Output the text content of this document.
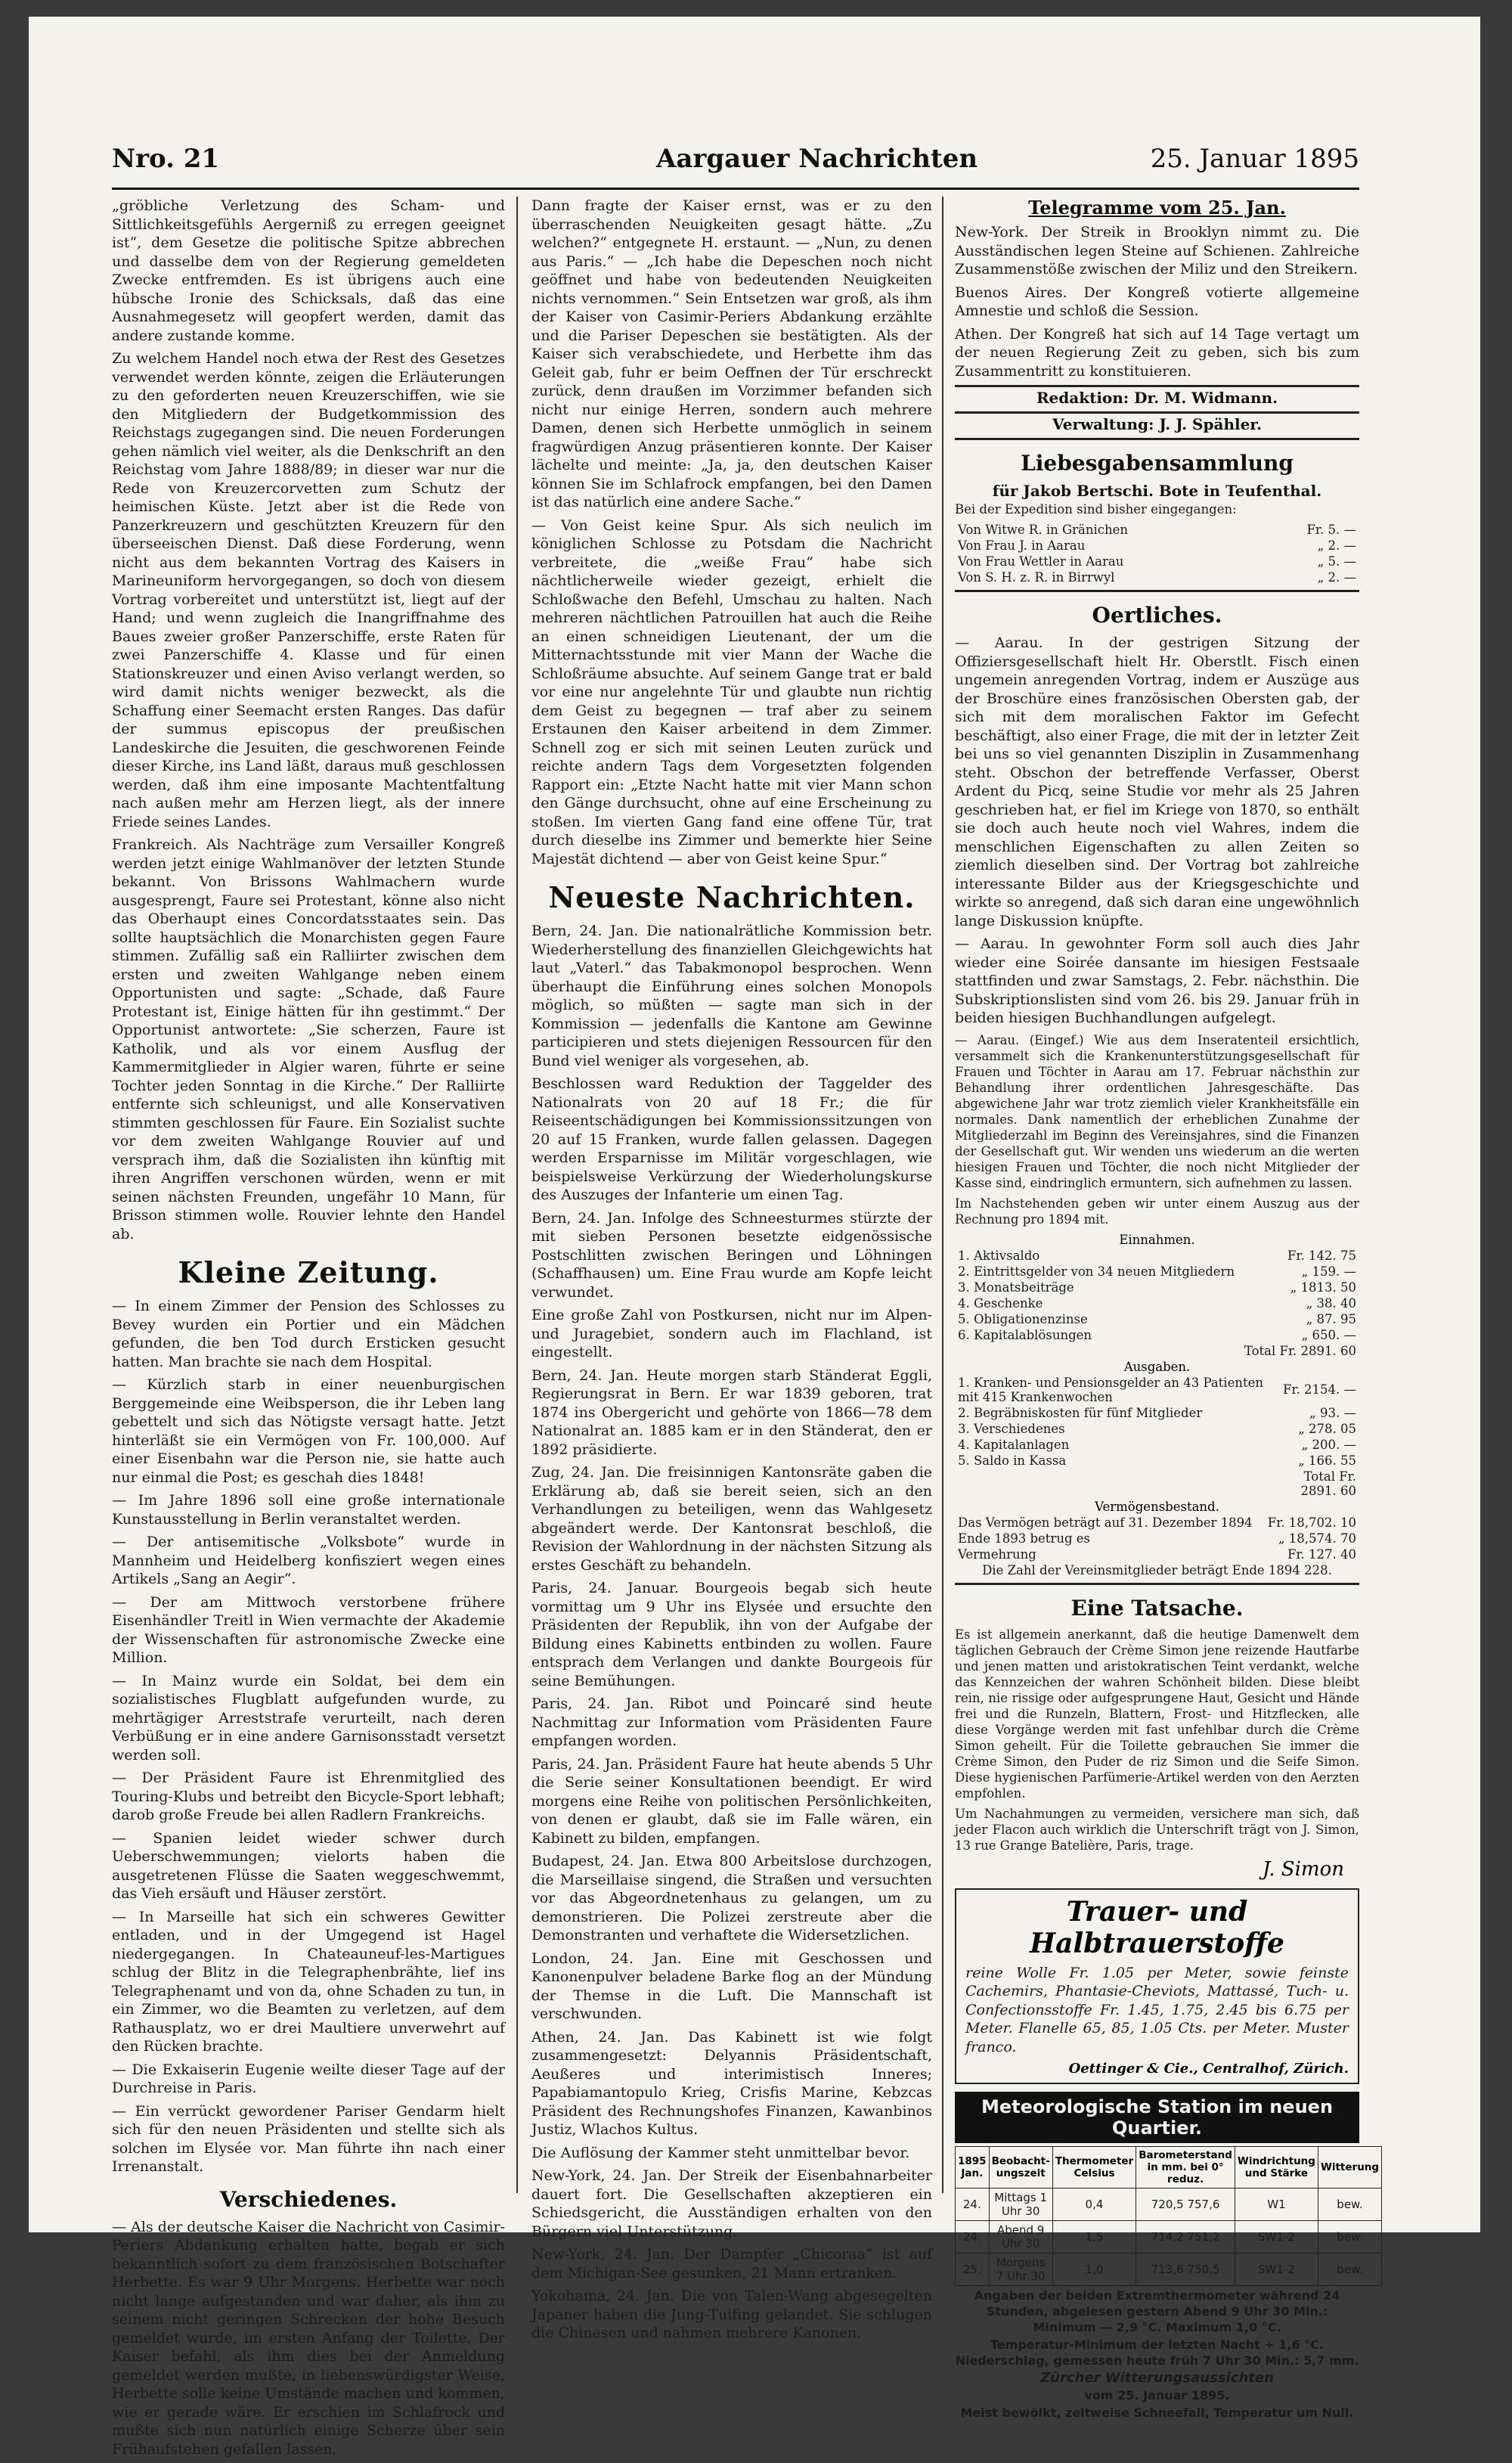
Nro. 21	Aargauer Nachrichten	25. Januar 1895

„gröbliche Verletzung des Scham- und Sittlichkeitsgefühls Aergerniß zu erregen geeignet ist“, dem Gesetze die politische Spitze abbrechen und dasselbe dem von der Regierung gemeldeten Zwecke entfremden. Es ist übrigens auch eine hübsche Ironie des Schicksals, daß das eine Ausnahmegesetz will geopfert werden, damit das andere zustande komme.

Zu welchem Handel noch etwa der Rest des Gesetzes verwendet werden könnte, zeigen die Erläuterungen zu den geforderten neuen Kreuzerschiffen, wie sie den Mitgliedern der Budgetkommission des Reichstags zugegangen sind. Die neuen Forderungen gehen nämlich viel weiter, als die Denkschrift an den Reichstag vom Jahre 1888/89; in dieser war nur die Rede von Kreuzercorvetten zum Schutz der heimischen Küste. Jetzt aber ist die Rede von Panzerkreuzern und geschützten Kreuzern für den überseeischen Dienst. Daß diese Forderung, wenn nicht aus dem bekannten Vortrag des Kaisers in Marineuniform hervorgegangen, so doch von diesem Vortrag vorbereitet und unterstützt ist, liegt auf der Hand; und wenn zugleich die Inangriffnahme des Baues zweier großer Panzerschiffe, erste Raten für zwei Panzerschiffe 4. Klasse und für einen Stationskreuzer und einen Aviso verlangt werden, so wird damit nichts weniger bezweckt, als die Schaffung einer Seemacht ersten Ranges. Das dafür der summus episcopus der preußischen Landeskirche die Jesuiten, die geschworenen Feinde dieser Kirche, ins Land läßt, daraus muß geschlossen werden, daß ihm eine imposante Machtentfaltung nach außen mehr am Herzen liegt, als der innere Friede seines Landes.

Frankreich. Als Nachträge zum Versailler Kongreß werden jetzt einige Wahlmanöver der letzten Stunde bekannt. Von Brissons Wahlmachern wurde ausgesprengt, Faure sei Protestant, könne also nicht das Oberhaupt eines Concordatsstaates sein. Das sollte hauptsächlich die Monarchisten gegen Faure stimmen. Zufällig saß ein Ralliirter zwischen dem ersten und zweiten Wahlgange neben einem Opportunisten und sagte: „Schade, daß Faure Protestant ist, Einige hätten für ihn gestimmt.“ Der Opportunist antwortete: „Sie scherzen, Faure ist Katholik, und als vor einem Ausflug der Kammermitglieder in Algier waren, führte er seine Tochter jeden Sonntag in die Kirche.“ Der Ralliirte entfernte sich schleunigst, und alle Konservativen stimmten geschlossen für Faure. Ein Sozialist suchte vor dem zweiten Wahlgange Rouvier auf und versprach ihm, daß die Sozialisten ihn künftig mit ihren Angriffen verschonen würden, wenn er mit seinen nächsten Freunden, ungefähr 10 Mann, für Brisson stimmen wolle. Rouvier lehnte den Handel ab.

Kleine Zeitung.

— In einem Zimmer der Pension des Schlosses zu Bevey wurden ein Portier und ein Mädchen gefunden, die ben Tod durch Ersticken gesucht hatten. Man brachte sie nach dem Hospital.

— Kürzlich starb in einer neuenburgischen Berggemeinde eine Weibsperson, die ihr Leben lang gebettelt und sich das Nötigste versagt hatte. Jetzt hinterläßt sie ein Vermögen von Fr. 100,000. Auf einer Eisenbahn war die Person nie, sie hatte auch nur einmal die Post; es geschah dies 1848!

— Im Jahre 1896 soll eine große internationale Kunstausstellung in Berlin veranstaltet werden.

— Der antisemitische „Volksbote“ wurde in Mannheim und Heidelberg konfisziert wegen eines Artikels „Sang an Aegir“.

— Der am Mittwoch verstorbene frühere Eisenhändler Treitl in Wien vermachte der Akademie der Wissenschaften für astronomische Zwecke eine Million.

— In Mainz wurde ein Soldat, bei dem ein sozialistisches Flugblatt aufgefunden wurde, zu mehrtägiger Arreststrafe verurteilt, nach deren Verbüßung er in eine andere Garnisonsstadt versetzt werden soll.

— Der Präsident Faure ist Ehrenmitglied des Touring-Klubs und betreibt den Bicycle-Sport lebhaft; darob große Freude bei allen Radlern Frankreichs.

— Spanien leidet wieder schwer durch Ueberschwemmungen; vielorts haben die ausgetretenen Flüsse die Saaten weggeschwemmt, das Vieh ersäuft und Häuser zerstört.

— In Marseille hat sich ein schweres Gewitter entladen, und in der Umgegend ist Hagel niedergegangen. In Chateauneuf-les-Martigues schlug der Blitz in die Telegraphenbrähte, lief ins Telegraphenamt und von da, ohne Schaden zu tun, in ein Zimmer, wo die Beamten zu verletzen, auf dem Rathausplatz, wo er drei Maultiere unverwehrt auf den Rücken brachte.

— Die Exkaiserin Eugenie weilte dieser Tage auf der Durchreise in Paris.

— Ein verrückt gewordener Pariser Gendarm hielt sich für den neuen Präsidenten und stellte sich als solchen im Elysée vor. Man führte ihn nach einer Irrenanstalt.

Verschiedenes.

— Als der deutsche Kaiser die Nachricht von Casimir-Periers Abdankung erhalten hatte, begab er sich bekanntlich sofort zu dem französischen Botschafter Herbette. Es war 9 Uhr Morgens. Herbette war noch nicht lange aufgestanden und war daher, als ihm zu seinem nicht geringen Schrecken der hohe Besuch gemeldet wurde, im ersten Anfang der Toilette. Der Kaiser befahl, als ihm dies bei der Anmeldung gemeldet werden mußte, in liebenswürdigster Weise, Herbette solle keine Umstände machen und kommen, wie er gerade wäre. Er erschien im Schlafrock und mußte sich nun natürlich einige Scherze über sein Frühaufstehen gefallen lassen.

Dann fragte der Kaiser ernst, was er zu den überraschenden Neuigkeiten gesagt hätte. „Zu welchen?“ entgegnete H. erstaunt. — „Nun, zu denen aus Paris.“ — „Ich habe die Depeschen noch nicht geöffnet und habe von bedeutenden Neuigkeiten nichts vernommen.“ Sein Entsetzen war groß, als ihm der Kaiser von Casimir-Periers Abdankung erzählte und die Pariser Depeschen sie bestätigten. Als der Kaiser sich verabschiedete, und Herbette ihm das Geleit gab, fuhr er beim Oeffnen der Tür erschreckt zurück, denn draußen im Vorzimmer befanden sich nicht nur einige Herren, sondern auch mehrere Damen, denen sich Herbette unmöglich in seinem fragwürdigen Anzug präsentieren konnte. Der Kaiser lächelte und meinte: „Ja, ja, den deutschen Kaiser können Sie im Schlafrock empfangen, bei den Damen ist das natürlich eine andere Sache.“

— Von Geist keine Spur. Als sich neulich im königlichen Schlosse zu Potsdam die Nachricht verbreitete, die „weiße Frau“ habe sich nächtlicherweile wieder gezeigt, erhielt die Schloßwache den Befehl, Umschau zu halten. Nach mehreren nächtlichen Patrouillen hat auch die Reihe an einen schneidigen Lieutenant, der um die Mitternachtsstunde mit vier Mann der Wache die Schloßräume absuchte. Auf seinem Gange trat er bald vor eine nur angelehnte Tür und glaubte nun richtig dem Geist zu begegnen — traf aber zu seinem Erstaunen den Kaiser arbeitend in dem Zimmer. Schnell zog er sich mit seinen Leuten zurück und reichte andern Tags dem Vorgesetzten folgenden Rapport ein: „Etzte Nacht hatte mit vier Mann schon den Gänge durchsucht, ohne auf eine Erscheinung zu stoßen. Im vierten Gang fand eine offene Tür, trat durch dieselbe ins Zimmer und bemerkte hier Seine Majestät dichtend — aber von Geist keine Spur.“

Neueste Nachrichten.

Bern, 24. Jan. Die nationalrätliche Kommission betr. Wiederherstellung des finanziellen Gleichgewichts hat laut „Vaterl.“ das Tabakmonopol besprochen. Wenn überhaupt die Einführung eines solchen Monopols möglich, so müßten — sagte man sich in der Kommission — jedenfalls die Kantone am Gewinne participieren und stets diejenigen Ressourcen für den Bund viel weniger als vorgesehen, ab.

Beschlossen ward Reduktion der Taggelder des Nationalrats von 20 auf 18 Fr.; die für Reiseentschädigungen bei Kommissionssitzungen von 20 auf 15 Franken, wurde fallen gelassen. Dagegen werden Ersparnisse im Militär vorgeschlagen, wie beispielsweise Verkürzung der Wiederholungskurse des Auszuges der Infanterie um einen Tag.

Bern, 24. Jan. Infolge des Schneesturmes stürzte der mit sieben Personen besetzte eidgenössische Postschlitten zwischen Beringen und Löhningen (Schaffhausen) um. Eine Frau wurde am Kopfe leicht verwundet.

Eine große Zahl von Postkursen, nicht nur im Alpen- und Juragebiet, sondern auch im Flachland, ist eingestellt.

Bern, 24. Jan. Heute morgen starb Ständerat Eggli, Regierungsrat in Bern. Er war 1839 geboren, trat 1874 ins Obergericht und gehörte von 1866—78 dem Nationalrat an. 1885 kam er in den Ständerat, den er 1892 präsidierte.

Zug, 24. Jan. Die freisinnigen Kantonsräte gaben die Erklärung ab, daß sie bereit seien, sich an den Verhandlungen zu beteiligen, wenn das Wahlgesetz abgeändert werde. Der Kantonsrat beschloß, die Revision der Wahlordnung in der nächsten Sitzung als erstes Geschäft zu behandeln.

Paris, 24. Januar. Bourgeois begab sich heute vormittag um 9 Uhr ins Elysée und ersuchte den Präsidenten der Republik, ihn von der Aufgabe der Bildung eines Kabinetts entbinden zu wollen. Faure entsprach dem Verlangen und dankte Bourgeois für seine Bemühungen.

Paris, 24. Jan. Ribot und Poincaré sind heute Nachmittag zur Information vom Präsidenten Faure empfangen worden.

Paris, 24. Jan. Präsident Faure hat heute abends 5 Uhr die Serie seiner Konsultationen beendigt. Er wird morgens eine Reihe von politischen Persönlichkeiten, von denen er glaubt, daß sie im Falle wären, ein Kabinett zu bilden, empfangen.

Budapest, 24. Jan. Etwa 800 Arbeitslose durchzogen, die Marseillaise singend, die Straßen und versuchten vor das Abgeordnetenhaus zu gelangen, um zu demonstrieren. Die Polizei zerstreute aber die Demonstranten und verhaftete die Widersetzlichen.

London, 24. Jan. Eine mit Geschossen und Kanonenpulver beladene Barke flog an der Mündung der Themse in die Luft. Die Mannschaft ist verschwunden.

Athen, 24. Jan. Das Kabinett ist wie folgt zusammengesetzt: Delyannis Präsidentschaft, Aeußeres und interimistisch Inneres; Papabiamantopulo Krieg, Crisfis Marine, Kebzcas Präsident des Rechnungshofes Finanzen, Kawanbinos Justiz, Wlachos Kultus.

Die Auflösung der Kammer steht unmittelbar bevor.

New-York, 24. Jan. Der Streik der Eisenbahnarbeiter dauert fort. Die Gesellschaften akzeptieren ein Schiedsgericht, die Ausständigen erhalten von den Bürgern viel Unterstützung.

New-York, 24. Jan. Der Dampfer „Chicoraa“ ist auf dem Michigan-See gesunken, 21 Mann ertranken.

Yokohama, 24. Jan. Die von Talen-Wang abgesegelten Japaner haben die Jung-Tuifing gelandet. Sie schlugen die Chinesen und nahmen mehrere Kanonen.

Telegramme vom 25. Jan.

New-York. Der Streik in Brooklyn nimmt zu. Die Ausständischen legen Steine auf Schienen. Zahlreiche Zusammenstöße zwischen der Miliz und den Streikern.

Buenos Aires. Der Kongreß votierte allgemeine Amnestie und schloß die Session.

Athen. Der Kongreß hat sich auf 14 Tage vertagt um der neuen Regierung Zeit zu geben, sich bis zum Zusammentritt zu konstituieren.

Redaktion: Dr. M. Widmann.
Verwaltung: J. J. Spähler.
Liebesgabensammlung
für Jakob Bertschi. Bote in Teufenthal.

Bei der Expedition sind bisher eingegangen:

Von Witwe R. in Gränichen	Fr. 5. —
Von Frau J. in Aarau	„ 2. —
Von Frau Wettler in Aarau	„ 5. —
Von S. H. z. R. in Birrwyl	„ 2. —
Oertliches.

— Aarau. In der gestrigen Sitzung der Offiziersgesellschaft hielt Hr. Oberstlt. Fisch einen ungemein anregenden Vortrag, indem er Auszüge aus der Broschüre eines französischen Obersten gab, der sich mit dem moralischen Faktor im Gefecht beschäftigt, also einer Frage, die mit der in letzter Zeit bei uns so viel genannten Disziplin in Zusammenhang steht. Obschon der betreffende Verfasser, Oberst Ardent du Picq, seine Studie vor mehr als 25 Jahren geschrieben hat, er fiel im Kriege von 1870, so enthält sie doch auch heute noch viel Wahres, indem die menschlichen Eigenschaften zu allen Zeiten so ziemlich dieselben sind. Der Vortrag bot zahlreiche interessante Bilder aus der Kriegsgeschichte und wirkte so anregend, daß sich daran eine ungewöhnlich lange Diskussion knüpfte.

— Aarau. In gewohnter Form soll auch dies Jahr wieder eine Soirée dansante im hiesigen Festsaale stattfinden und zwar Samstags, 2. Febr. nächsthin. Die Subskriptionslisten sind vom 26. bis 29. Januar früh in beiden hiesigen Buchhandlungen aufgelegt.

— Aarau. (Eingef.) Wie aus dem Inseratenteil ersichtlich, versammelt sich die Krankenunterstützungsgesellschaft für Frauen und Töchter in Aarau am 17. Februar nächsthin zur Behandlung ihrer ordentlichen Jahresgeschäfte. Das abgewichene Jahr war trotz ziemlich vieler Krankheitsfälle ein normales. Dank namentlich der erheblichen Zunahme der Mitgliederzahl im Beginn des Vereinsjahres, sind die Finanzen der Gesellschaft gut. Wir wenden uns wiederum an die werten hiesigen Frauen und Töchter, die noch nicht Mitglieder der Kasse sind, eindringlich ermuntern, sich aufnehmen zu lassen.

Im Nachstehenden geben wir unter einem Auszug aus der Rechnung pro 1894 mit.

Einnahmen.
1. Aktivsaldo	Fr. 142. 75
2. Eintrittsgelder von 34 neuen Mitgliedern	„ 159. —
3. Monatsbeiträge	„ 1813. 50
4. Geschenke	„ 38. 40
5. Obligationenzinse	„ 87. 95
6. Kapitalablösungen	„ 650. —
	Total Fr. 2891. 60
Ausgaben.
1. Kranken- und Pensionsgelder an 43 Patienten mit 415 Krankenwochen	Fr. 2154. —
2. Begräbniskosten für fünf Mitglieder	„ 93. —
3. Verschiedenes	„ 278. 05
4. Kapitalanlagen	„ 200. —
5. Saldo in Kassa	„ 166. 55
	Total Fr. 2891. 60
Vermögensbestand.
Das Vermögen beträgt auf 31. Dezember 1894	Fr. 18,702. 10
Ende 1893 betrug es	„ 18,574. 70
Vermehrung	Fr. 127. 40

Die Zahl der Vereinsmitglieder beträgt Ende 1894 228.

Eine Tatsache.

Es ist allgemein anerkannt, daß die heutige Damenwelt dem täglichen Gebrauch der Crème Simon jene reizende Hautfarbe und jenen matten und aristokratischen Teint verdankt, welche das Kennzeichen der wahren Schönheit bilden. Diese bleibt rein, nie rissige oder aufgesprungene Haut, Gesicht und Hände frei und die Runzeln, Blattern, Frost- und Hitzflecken, alle diese Vorgänge werden mit fast unfehlbar durch die Crème Simon geheilt. Für die Toilette gebrauchen Sie immer die Crème Simon, den Puder de riz Simon und die Seife Simon. Diese hygienischen Parfümerie-Artikel werden von den Aerzten empfohlen.

Um Nachahmungen zu vermeiden, versichere man sich, daß jeder Flacon auch wirklich die Unterschrift trägt von J. Simon, 13 rue Grange Batelière, Paris, trage.

J. Simon
Trauer- und Halbtrauerstoffe

reine Wolle Fr. 1.05 per Meter, sowie feinste Cachemirs, Phantasie-Cheviots, Mattassé, Tuch- u. Confectionsstoffe Fr. 1.45, 1.75, 2.45 bis 6.75 per Meter. Flanelle 65, 85, 1.05 Cts. per Meter. Muster franco.

Oettinger & Cie., Centralhof, Zürich.
Meteorologische Station im neuen Quartier.
1895 Jan.	Beobacht-ungszeit	Thermometer Celsius	Barometerstand in mm. bei 0° reduz.	Windrichtung und Stärke	Witterung
24.	Mittags 1 Uhr 30	0,4	720,5 757,6	W1	bew.
24.	Abend 9 Uhr 30	1,5	714,2 751,2	SW1-2	bew.
25.	Morgens 7 Uhr 30	1,0	713,6 750,5	SW1-2	bew.

Angaben der beiden Extremthermometer während 24 Stunden, abgelesen gestern Abend 9 Uhr 30 Min.: Minimum — 2,9 °C. Maximum 1,0 °C.

Temperatur-Minimum der letzten Nacht + 1,6 °C. Niederschlag, gemessen heute früh 7 Uhr 30 Min.: 5,7 mm.

Zürcher Witterungsaussichten

vom 25. Januar 1895.

Meist bewölkt, zeitweise Schneefall, Temperatur um Null.
